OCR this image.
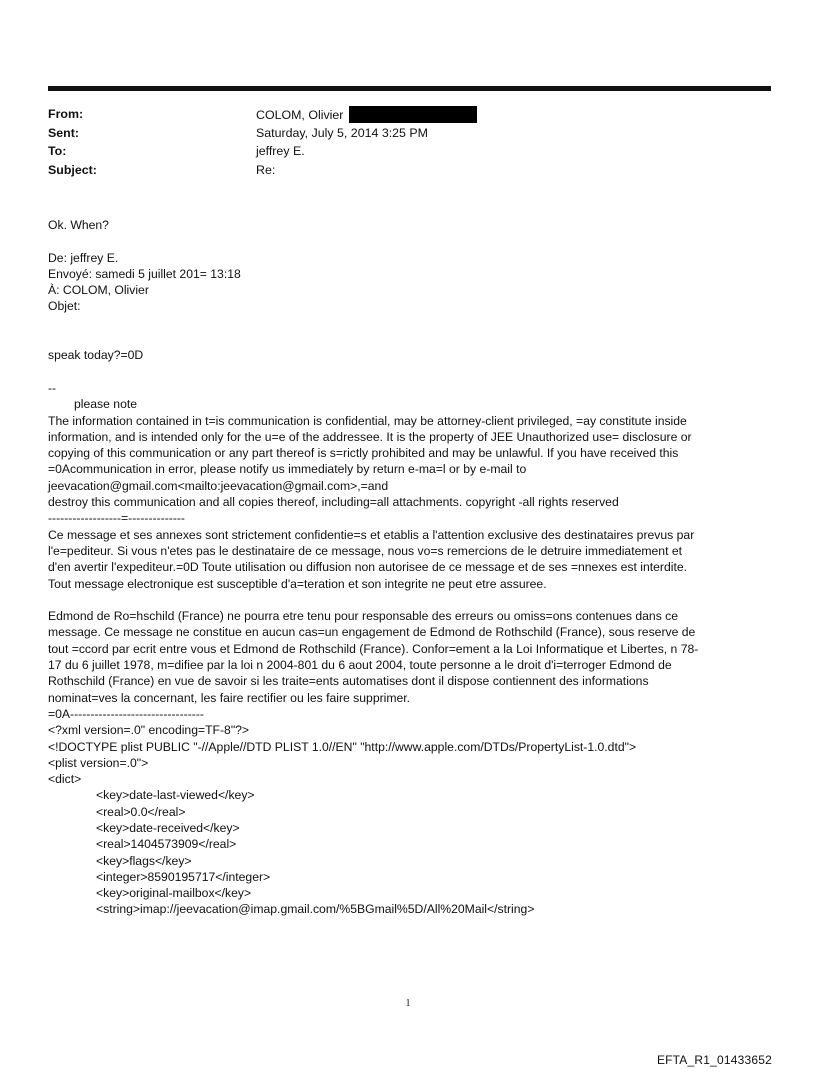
From:	COLOM, Olivier
Sent:	Saturday, July 5, 2014 3:25 PM
To:	jeffrey E.
Subject:	Re:
Ok. When?
De: jeffrey E.
Envoyé: samedi 5 juillet 201= 13:18
À: COLOM, Olivier
Objet:
speak today?=0D
--
please note
The information contained in t=is communication is confidential, may be attorney-client privileged, =ay constitute inside
information, and is intended only for the u=e of the addressee. It is the property of JEE Unauthorized use= disclosure or
copying of this communication or any part thereof is s=rictly prohibited and may be unlawful. If you have received this
=0Acommunication in error, please notify us immediately by return e-ma=l or by e-mail to
jeevacation@gmail.com<mailto:jeevacation@gmail.com>,=and
destroy this communication and all copies thereof, including=all attachments. copyright -all rights reserved
------------------=--------------
Ce message et ses annexes sont strictement confidentie=s et etablis a l'attention exclusive des destinataires prevus par
l'e=pediteur. Si vous n'etes pas le destinataire de ce message, nous vo=s remercions de le detruire immediatement et
d'en avertir l'expediteur.=0D Toute utilisation ou diffusion non autorisee de ce message et de ses =nnexes est interdite.
Tout message electronique est susceptible d'a=teration et son integrite ne peut etre assuree.
Edmond de Ro=hschild (France) ne pourra etre tenu pour responsable des erreurs ou omiss=ons contenues dans ce
message. Ce message ne constitue en aucun cas=un engagement de Edmond de Rothschild (France), sous reserve de
tout =ccord par ecrit entre vous et Edmond de Rothschild (France). Confor=ement a la Loi Informatique et Libertes, n 78-
17 du 6 juillet 1978, m=difiee par la loi n 2004-801 du 6 aout 2004, toute personne a le droit d'i=terroger Edmond de
Rothschild (France) en vue de savoir si les traite=ents automatises dont il dispose contiennent des informations
nominat=ves la concernant, les faire rectifier ou les faire supprimer.
=0A---------------------------------
<?xml version=.0" encoding=TF-8"?>
<!DOCTYPE plist PUBLIC "-//Apple//DTD PLIST 1.0//EN" "http://www.apple.com/DTDs/PropertyList-1.0.dtd">
<plist version=.0">
<dict>
<key>date-last-viewed</key>
<real>0.0</real>
<key>date-received</key>
<real>1404573909</real>
<key>flags</key>
<integer>8590195717</integer>
<key>original-mailbox</key>
<string>imap://jeevacation@imap.gmail.com/%5BGmail%5D/All%20Mail</string>
1
EFTA_R1_01433652
